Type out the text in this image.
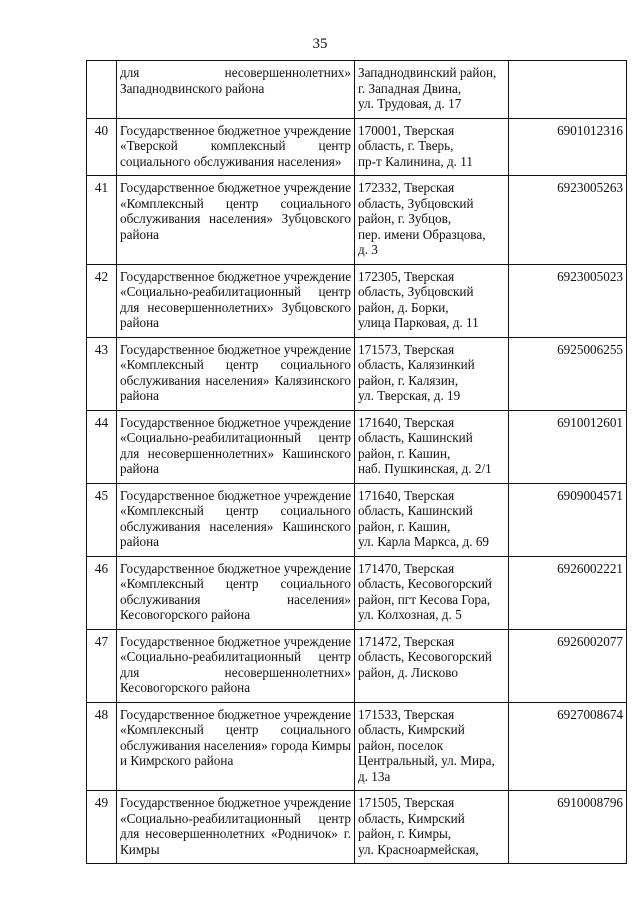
35

	для несовершеннолетних»
Западнодвинского района	Западнодвинский район,
г. Западная Двина,
ул. Трудовая, д. 17	

40	Государственное бюджетное учреждение
«Тверской комплексный центр
социального обслуживания населения»	170001, Тверская
область, г. Тверь,
пр-т Калинина, д. 11	6901012316
41	Государственное бюджетное учреждение
«Комплексный центр социального
обслуживания населения» Зубцовского
района	172332, Тверская
область, Зубцовский
район, г. Зубцов,
пер. имени Образцова,
д. 3	6923005263
42	Государственное бюджетное учреждение
«Социально-реабилитационный центр
для несовершеннолетних» Зубцовского
района	172305, Тверская
область, Зубцовский
район, д. Борки,
улица Парковая, д. 11	6923005023
43	Государственное бюджетное учреждение
«Комплексный центр социального
обслуживания населения» Калязинского
района	171573, Тверская
область, Калязинкий
район, г. Калязин,
ул. Тверская, д. 19	6925006255
44	Государственное бюджетное учреждение
«Социально-реабилитационный центр
для несовершеннолетних» Кашинского
района	171640, Тверская
область, Кашинский
район, г. Кашин,
наб. Пушкинская, д. 2/1	6910012601
45	Государственное бюджетное учреждение
«Комплексный центр социального
обслуживания населения» Кашинского
района	171640, Тверская
область, Кашинский
район, г. Кашин,
ул. Карла Маркса, д. 69	6909004571
46	Государственное бюджетное учреждение
«Комплексный центр социального
обслуживания населения»
Кесовогорского района	171470, Тверская
область, Кесовогорский
район, пгт Кесова Гора,
ул. Колхозная, д. 5	6926002221
47	Государственное бюджетное учреждение
«Социально-реабилитационный центр
для несовершеннолетних»
Кесовогорского района	171472, Тверская
область, Кесовогорский
район, д. Лисково	6926002077
48	Государственное бюджетное учреждение
«Комплексный центр социального
обслуживания населения» города Кимры
и Кимрского района	171533, Тверская
область, Кимрский
район, поселок
Центральный, ул. Мира,
д. 13а	6927008674
49	Государственное бюджетное учреждение
«Социально-реабилитационный центр
для несовершеннолетних «Родничок» г.
Кимры	171505, Тверская
область, Кимрский
район, г. Кимры,
ул. Красноармейская,	6910008796
